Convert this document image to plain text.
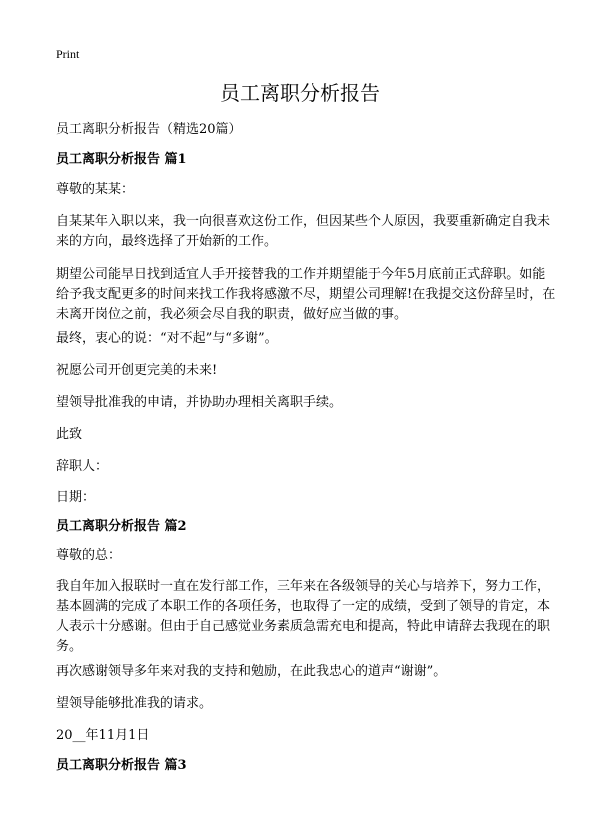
Print
员工离职分析报告
员工离职分析报告（精选20篇）
员工离职分析报告 篇1
尊敬的某某：
自某某年入职以来，我一向很喜欢这份工作，但因某些个人原因，我要重新确定自我未来的方向，最终选择了开始新的工作。
期望公司能早日找到适宜人手开接替我的工作并期望能于今年5月底前正式辞职。如能给予我支配更多的时间来找工作我将感激不尽，期望公司理解!在我提交这份辞呈时，在未离开岗位之前，我必须会尽自我的职责，做好应当做的事。
最终，衷心的说：“对不起”与“多谢”。
祝愿公司开创更完美的未来!
望领导批准我的申请，并协助办理相关离职手续。
此致
辞职人：
日期：
员工离职分析报告 篇2
尊敬的总：
我自年加入报联时一直在发行部工作，三年来在各级领导的关心与培养下，努力工作，基本圆满的完成了本职工作的各项任务，也取得了一定的成绩，受到了领导的肯定，本人表示十分感谢。但由于自己感觉业务素质急需充电和提高，特此申请辞去我现在的职务。
再次感谢领导多年来对我的支持和勉励，在此我忠心的道声“谢谢”。
望领导能够批准我的请求。
20__年11月1日
员工离职分析报告 篇3
